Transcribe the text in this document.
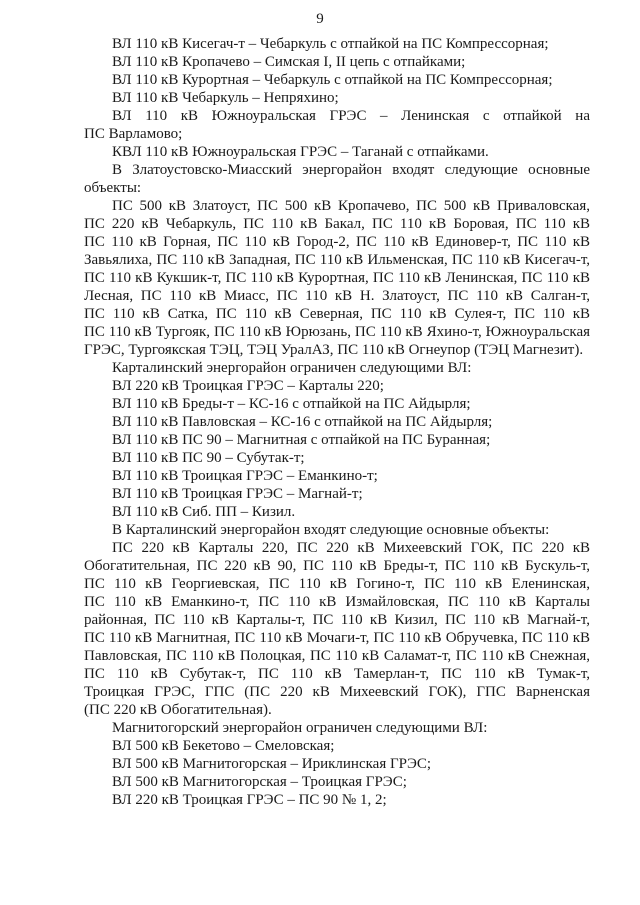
9
ВЛ 110 кВ Кисегач-т – Чебаркуль с отпайкой на ПС Компрессорная;
ВЛ 110 кВ Кропачево – Симская I, II цепь с отпайками;
ВЛ 110 кВ Курортная – Чебаркуль с отпайкой на ПС Компрессорная;
ВЛ 110 кВ Чебаркуль – Непряхино;
ВЛ 110 кВ Южноуральская ГРЭС – Ленинская с отпайкой на
ПС Варламово;
КВЛ 110 кВ Южноуральская ГРЭС – Таганай с отпайками.
В Златоустовско-Миасский энергорайон входят следующие основные
объекты:
ПС 500 кВ Златоуст, ПС 500 кВ Кропачево, ПС 500 кВ Приваловская,
ПС 220 кВ Чебаркуль, ПС 110 кВ Бакал, ПС 110 кВ Боровая, ПС 110 кВ
ПС 110 кВ Горная, ПС 110 кВ Город-2, ПС 110 кВ Единовер-т, ПС 110 кВ
Завьялиха, ПС 110 кВ Западная, ПС 110 кВ Ильменская, ПС 110 кВ Кисегач-т,
ПС 110 кВ Кукшик-т, ПС 110 кВ Курортная, ПС 110 кВ Ленинская, ПС 110 кВ
Лесная, ПС 110 кВ Миасс, ПС 110 кВ Н. Златоуст, ПС 110 кВ Салган-т,
ПС 110 кВ Сатка, ПС 110 кВ Северная, ПС 110 кВ Сулея-т, ПС 110 кВ
ПС 110 кВ Тургояк, ПС 110 кВ Юрюзань, ПС 110 кВ Яхино-т, Южноуральская
ГРЭС, Тургоякская ТЭЦ, ТЭЦ УралАЗ, ПС 110 кВ Огнеупор (ТЭЦ Магнезит).
Карталинский энергорайон ограничен следующими ВЛ:
ВЛ 220 кВ Троицкая ГРЭС – Карталы 220;
ВЛ 110 кВ Бреды-т – КС-16 с отпайкой на ПС Айдырля;
ВЛ 110 кВ Павловская – КС-16 с отпайкой на ПС Айдырля;
ВЛ 110 кВ ПС 90 – Магнитная с отпайкой на ПС Буранная;
ВЛ 110 кВ ПС 90 – Субутак-т;
ВЛ 110 кВ Троицкая ГРЭС – Еманкино-т;
ВЛ 110 кВ Троицкая ГРЭС – Магнай-т;
ВЛ 110 кВ Сиб. ПП – Кизил.
В Карталинский энергорайон входят следующие основные объекты:
ПС 220 кВ Карталы 220, ПС 220 кВ Михеевский ГОК, ПС 220 кВ
Обогатительная, ПС 220 кВ 90, ПС 110 кВ Бреды-т, ПС 110 кВ Бускуль-т,
ПС 110 кВ Георгиевская, ПС 110 кВ Гогино-т, ПС 110 кВ Еленинская,
ПС 110 кВ Еманкино-т, ПС 110 кВ Измайловская, ПС 110 кВ Карталы
районная, ПС 110 кВ Карталы-т, ПС 110 кВ Кизил, ПС 110 кВ Магнай-т,
ПС 110 кВ Магнитная, ПС 110 кВ Мочаги-т, ПС 110 кВ Обручевка, ПС 110 кВ
Павловская, ПС 110 кВ Полоцкая, ПС 110 кВ Саламат-т, ПС 110 кВ Снежная,
ПС 110 кВ Субутак-т, ПС 110 кВ Тамерлан-т, ПС 110 кВ Тумак-т,
Троицкая ГРЭС, ГПС (ПС 220 кВ Михеевский ГОК), ГПС Варненская
(ПС 220 кВ Обогатительная).
Магнитогорский энергорайон ограничен следующими ВЛ:
ВЛ 500 кВ Бекетово – Смеловская;
ВЛ 500 кВ Магнитогорская – Ириклинская ГРЭС;
ВЛ 500 кВ Магнитогорская – Троицкая ГРЭС;
ВЛ 220 кВ Троицкая ГРЭС – ПС 90 № 1, 2;
